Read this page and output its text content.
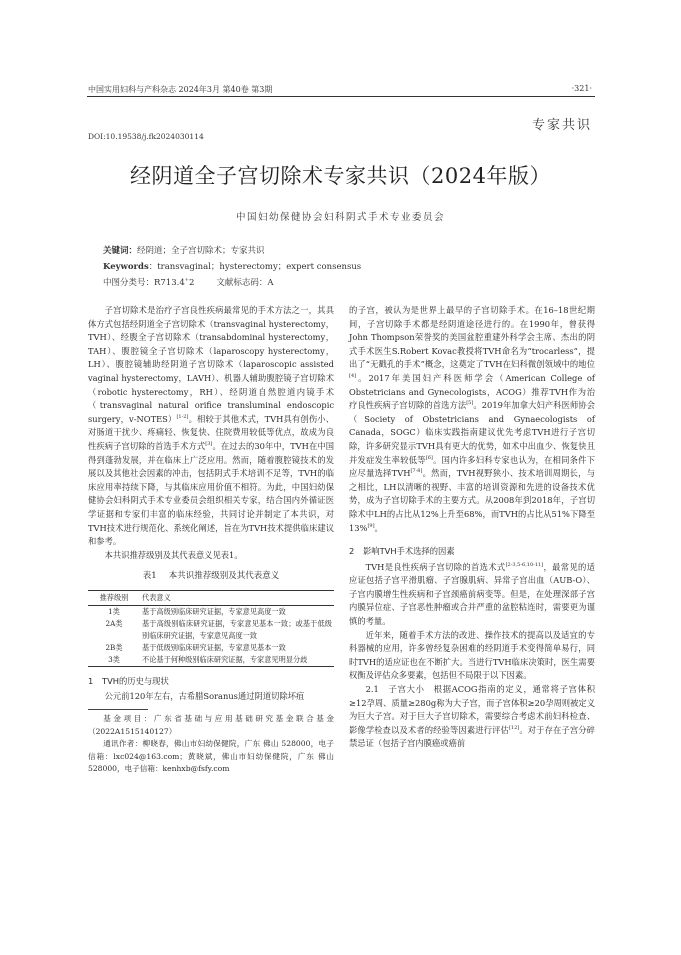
中国实用妇科与产科杂志 2024年3月 第40卷 第3期	·321·
专家共识
DOI:10.19538/j.fk2024030114
经阴道全子宫切除术专家共识（2024年版）
中国妇幼保健协会妇科阴式手术专业委员会
关键词：经阴道；全子宫切除术；专家共识
Keywords：transvaginal；hysterectomy；expert consensus
中图分类号：R713.4+2	文献标志码：A

子宫切除术是治疗子宫良性疾病最常见的手术方法之一，其具体方式包括经阴道全子宫切除术（transvaginal hysterectomy，TVH）、经腹全子宫切除术（transabdominal hysterectomy，TAH）、腹腔镜全子宫切除术（laparoscopy hysterectomy，LH）、腹腔镜辅助经阴道子宫切除术（laparoscopic assisted vaginal hysterectomy，LAVH）、机器人辅助腹腔镜子宫切除术（robotic hysterectomy，RH）、经阴道自然腔道内镜手术（transvaginal natural orifice transluminal endoscopic surgery，v-NOTES）[1-2]。相较于其他术式，TVH具有创伤小、对肠道干扰少、疼痛轻、恢复快、住院费用较低等优点，故成为良性疾病子宫切除的首选手术方式[3]。在过去的30年中，TVH在中国得到蓬勃发展，并在临床上广泛应用。然而，随着腹腔镜技术的发展以及其他社会因素的冲击，包括阴式手术培训不足等，TVH的临床应用率持续下降，与其临床应用价值不相符。为此，中国妇幼保健协会妇科阴式手术专业委员会组织相关专家，结合国内外循证医学证据和专家们丰富的临床经验，共同讨论并制定了本共识，对TVH技术进行规范化、系统化阐述，旨在为TVH技术提供临床建议和参考。

本共识推荐级别及其代表意义见表1。

表1 本共识推荐级别及其代表意义
推荐级别	代表意义
1类	基于高级别临床研究证据，专家意见高度一致
2A类	基于高级别临床研究证据，专家意见基本一致；或基于低级别临床研究证据，专家意见高度一致
2B类	基于低级别临床研究证据，专家意见基本一致
3类	不论基于何种级别临床研究证据，专家意见明显分歧
1 TVH的历史与现状

公元前120年左右，古希腊Soranus通过阴道切除坏疽

基金项目：广东省基础与应用基础研究基金联合基金（2022A1515140127）

通讯作者：柳晓春，佛山市妇幼保健院，广东 佛山 528000，电子信箱：lxc024@163.com；黄晓斌，佛山市妇幼保健院，广东 佛山 528000，电子信箱：kenhxb@fsfy.com

的子宫，被认为是世界上最早的子宫切除手术。在16–18世纪期间，子宫切除手术都是经阴道途径进行的。在1990年，曾获得John Thompson荣誉奖的美国盆腔重建外科学会主席、杰出的阴式手术医生S.Robert Kovac教授将TVH命名为“trocarless”，提出了“无戳孔的手术”概念，这奠定了TVH在妇科微创领域中的地位[4]。2017年美国妇产科医师学会（American College of Obstetricians and Gynecologists，ACOG）推荐TVH作为治疗良性疾病子宫切除的首选方法[5]。2019年加拿大妇产科医师协会（Society of Obstetricians and Gynaecologists of Canada，SOGC）临床实践指南建议优先考虑TVH进行子宫切除，许多研究显示TVH具有更大的优势，如术中出血少、恢复快且并发症发生率较低等[6]。国内许多妇科专家也认为，在相同条件下应尽量选择TVH[7-8]。然而，TVH视野狭小、技术培训周期长，与之相比，LH以清晰的视野、丰富的培训资源和先进的设备技术优势，成为子宫切除手术的主要方式。从2008年到2018年，子宫切除术中LH的占比从12%上升至68%，而TVH的占比从51%下降至13%[9]。

2 影响TVH手术选择的因素

TVH是良性疾病子宫切除的首选术式[2-3,5-6,10-11]，最常见的适应证包括子宫平滑肌瘤、子宫腺肌病、异常子宫出血（AUB-O）、子宫内膜增生性疾病和子宫颈癌前病变等。但是，在处理深部子宫内膜异位症、子宫恶性肿瘤或合并严重的盆腔粘连时，需要更为谨慎的考量。

近年来，随着手术方法的改进、操作技术的提高以及适宜的专科器械的应用，许多曾经复杂困难的经阴道手术变得简单易行，同时TVH的适应证也在不断扩大。当进行TVH临床决策时，医生需要权衡及评估众多要素，包括但不局限于以下因素。

2.1　子宫大小　根据ACOG指南的定义，通常将子宫体积≥12孕周、质量≥280g称为大子宫，而子宫体积≥20孕周则被定义为巨大子宫。对于巨大子宫切除术，需要综合考虑术前妇科检查、影像学检查以及术者的经验等因素进行评估[12]。对于存在子宫分碎禁忌证（包括子宫内膜癌或癌前
